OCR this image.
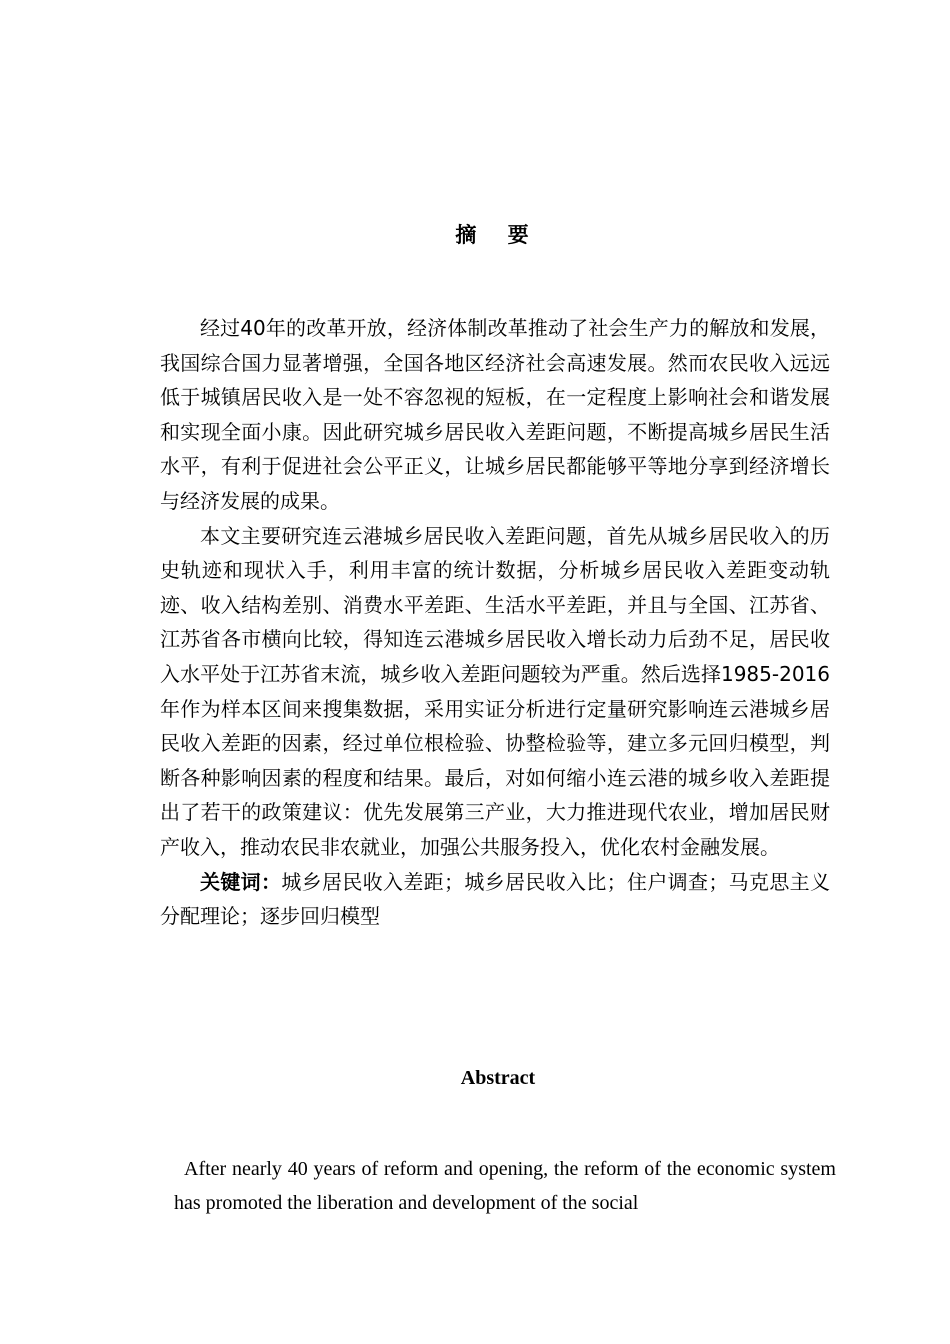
摘 要

经过40年的改革开放，经济体制改革推动了社会生产力的解放和发展，我国综合国力显著增强，全国各地区经济社会高速发展。然而农民收入远远低于城镇居民收入是一处不容忽视的短板，在一定程度上影响社会和谐发展和实现全面小康。因此研究城乡居民收入差距问题，不断提高城乡居民生活水平，有利于促进社会公平正义，让城乡居民都能够平等地分享到经济增长与经济发展的成果。

本文主要研究连云港城乡居民收入差距问题，首先从城乡居民收入的历史轨迹和现状入手，利用丰富的统计数据，分析城乡居民收入差距变动轨迹、收入结构差别、消费水平差距、生活水平差距，并且与全国、江苏省、江苏省各市横向比较，得知连云港城乡居民收入增长动力后劲不足，居民收入水平处于江苏省末流，城乡收入差距问题较为严重。然后选择1985-2016年作为样本区间来搜集数据，采用实证分析进行定量研究影响连云港城乡居民收入差距的因素，经过单位根检验、协整检验等，建立多元回归模型，判断各种影响因素的程度和结果。最后，对如何缩小连云港的城乡收入差距提出了若干的政策建议：优先发展第三产业，大力推进现代农业，增加居民财产收入，推动农民非农就业，加强公共服务投入，优化农村金融发展。

关键词：城乡居民收入差距；城乡居民收入比；住户调查；马克思主义分配理论；逐步回归模型

Abstract

After nearly 40 years of reform and opening, the reform of the economic system has promoted the liberation and development of the social
